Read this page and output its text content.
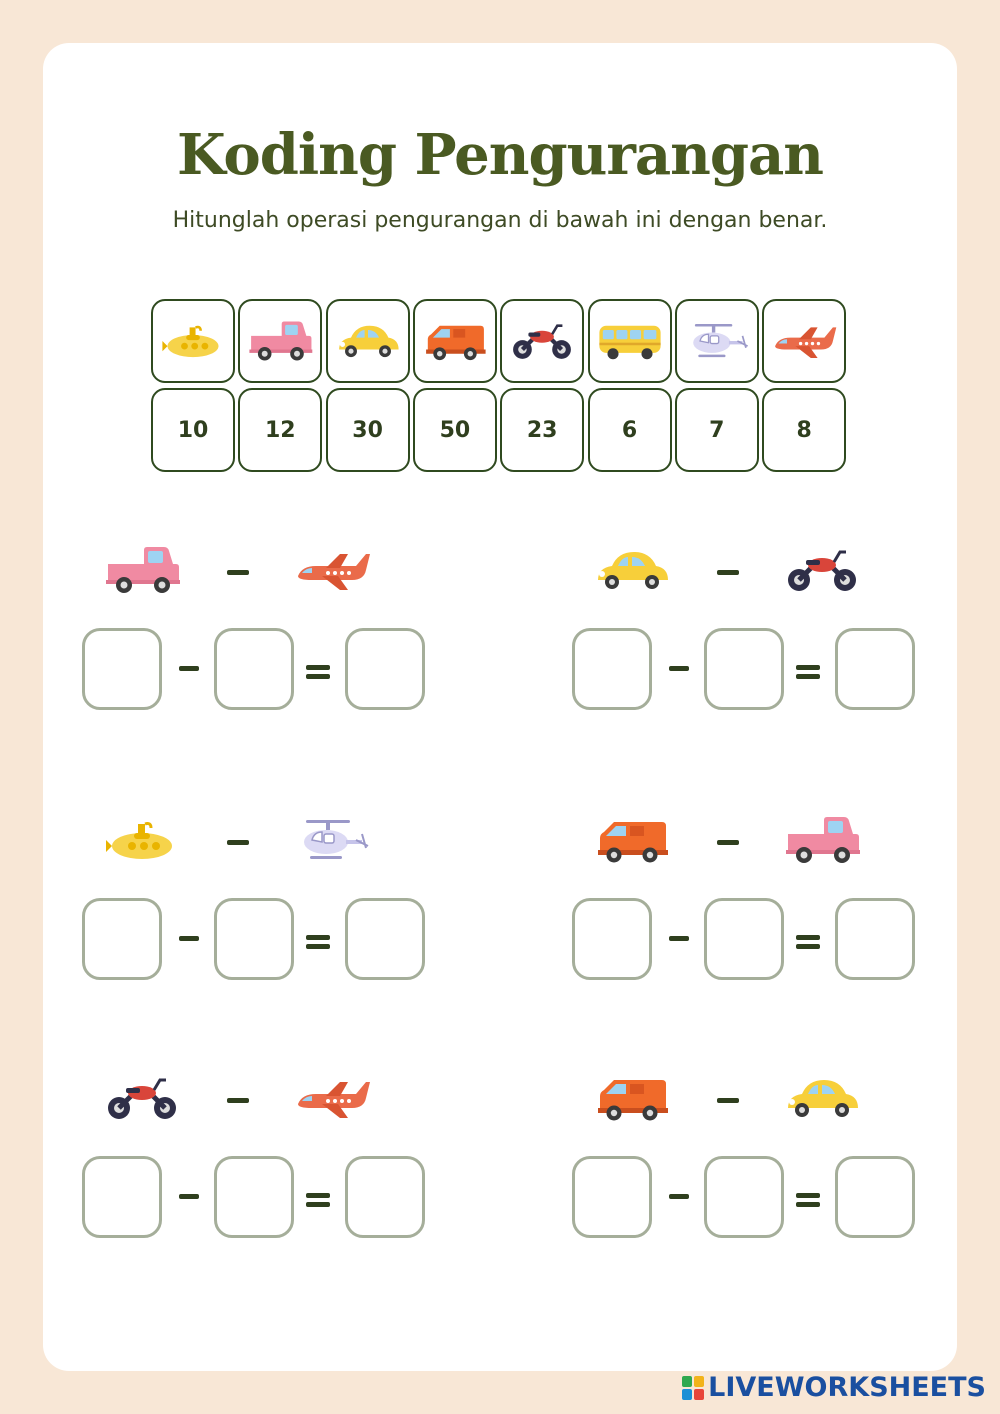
Koding Pengurangan
Hitunglah operasi pengurangan di bawah ini dengan benar.
10	12	30	50	23	6	7	8
LIVEWORKSHEETS
